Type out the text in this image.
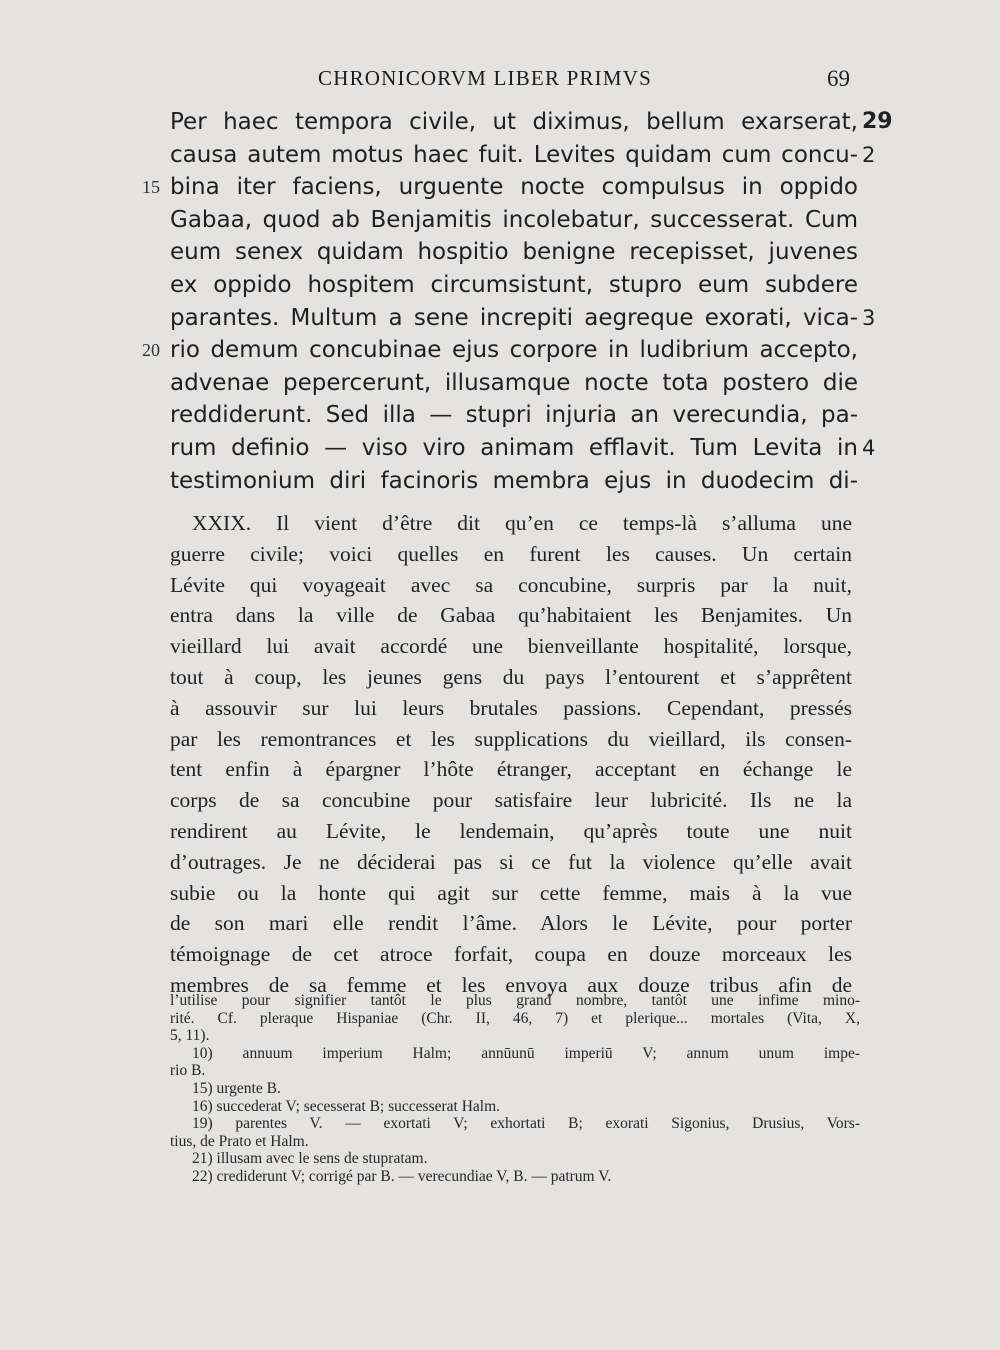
CHRONICORVM LIBER PRIMVS	69
Per haec tempora civile, ut diximus, bellum exarserat, 29
causa autem motus haec fuit. Levites quidam cum concu- 2
bina iter faciens, urguente nocte compulsus in oppido
15
Gabaa, quod ab Benjamitis incolebatur, successerat. Cum
eum senex quidam hospitio benigne recepisset, juvenes
ex oppido hospitem circumsistunt, stupro eum subdere
parantes. Multum a sene increpiti aegreque exorati, vica- 3
rio demum concubinae ejus corpore in ludibrium accepto,
20
advenae pepercerunt, illusamque nocte tota postero die
reddiderunt. Sed illa — stupri injuria an verecundia, pa-
rum definio — viso viro animam efflavit. Tum Levita in 4
testimonium diri facinoris membra ejus in duodecim di-
XXIX. Il vient d’être dit qu’en ce temps-là s’alluma une
guerre civile; voici quelles en furent les causes. Un certain
Lévite qui voyageait avec sa concubine, surpris par la nuit,
entra dans la ville de Gabaa qu’habitaient les Benjamites. Un
vieillard lui avait accordé une bienveillante hospitalité, lorsque,
tout à coup, les jeunes gens du pays l’entourent et s’apprêtent
à assouvir sur lui leurs brutales passions. Cependant, pressés
par les remontrances et les supplications du vieillard, ils consen-
tent enfin à épargner l’hôte étranger, acceptant en échange le
corps de sa concubine pour satisfaire leur lubricité. Ils ne la
rendirent au Lévite, le lendemain, qu’après toute une nuit
d’outrages. Je ne déciderai pas si ce fut la violence qu’elle avait
subie ou la honte qui agit sur cette femme, mais à la vue
de son mari elle rendit l’âme. Alors le Lévite, pour porter
témoignage de cet atroce forfait, coupa en douze morceaux les
membres de sa femme et les envoya aux douze tribus afin de
l’utilise pour signifier tantôt le plus grand nombre, tantôt une infime mino-
rité. Cf. pleraque Hispaniae (Chr. II, 46, 7) et plerique... mortales (Vita, X,
5, 11).
10) annuum imperium Halm; annūunū imperiū V; annum unum impe-
rio B.
15) urgente B.
16) succederat V; secesserat B; successerat Halm.
19) parentes V. — exortati V; exhortati B; exorati Sigonius, Drusius, Vors-
tius, de Prato et Halm.
21) illusam avec le sens de stupratam.
22) crediderunt V; corrigé par B. — verecundiae V, B. — patrum V.
